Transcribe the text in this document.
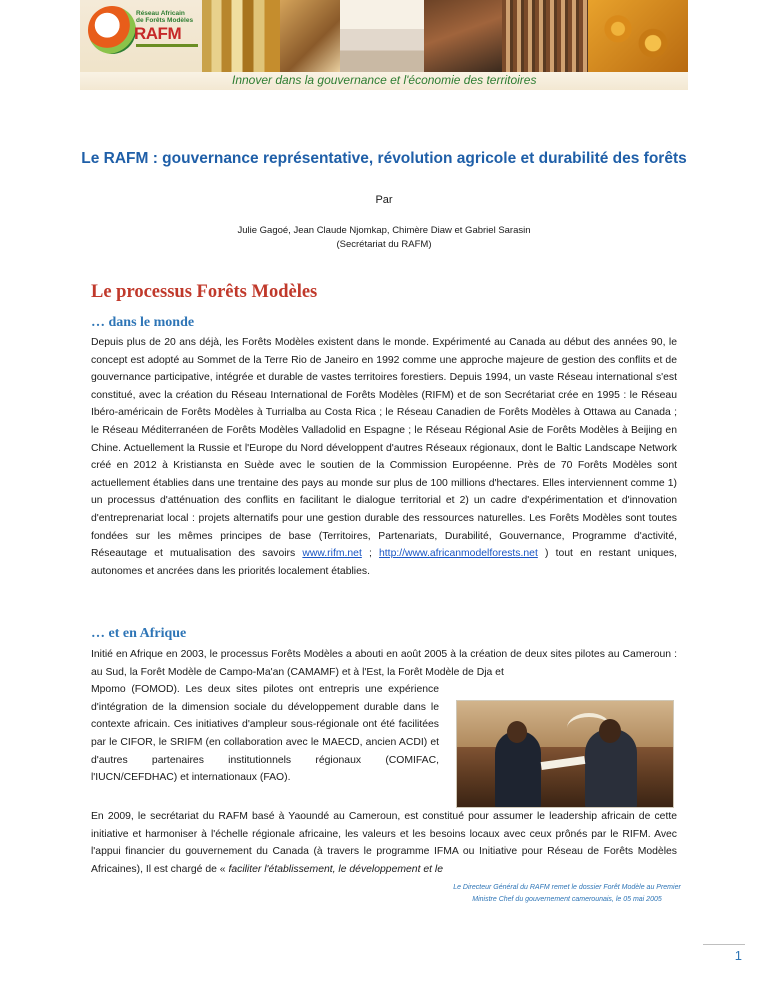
Réseau Africain
de Forêts Modèles
RAFM
Innover dans la gouvernance et l'économie des territoires
Le RAFM : gouvernance représentative, révolution agricole et durabilité des forêts
Par
Julie Gagoé, Jean Claude Njomkap, Chimère Diaw et Gabriel Sarasin
(Secrétariat du RAFM)
Le processus Forêts Modèles
… dans le monde

Depuis plus de 20 ans déjà, les Forêts Modèles existent dans le monde. Expérimenté au Canada au début des années 90, le concept est adopté au Sommet de la Terre Rio de Janeiro en 1992 comme une approche majeure de gestion des conflits et de gouvernance participative, intégrée et durable de vastes territoires forestiers. Depuis 1994, un vaste Réseau international s'est constitué, avec la création du Réseau International de Forêts Modèles (RIFM) et de son Secrétariat crée en 1995 : le Réseau Ibéro-américain de Forêts Modèles à Turrialba au Costa Rica ; le Réseau Canadien de Forêts Modèles à Ottawa au Canada ; le Réseau Méditerranéen de Forêts Modèles Valladolid en Espagne ; le Réseau Régional Asie de Forêts Modèles à Beijing en Chine. Actuellement la Russie et l'Europe du Nord développent d'autres Réseaux régionaux, dont le Baltic Landscape Network créé en 2012 à Kristiansta en Suède avec le soutien de la Commission Européenne. Près de 70 Forêts Modèles sont actuellement établies dans une trentaine des pays au monde sur plus de 100 millions d'hectares. Elles interviennent comme 1) un processus d'atténuation des conflits en facilitant le dialogue territorial et 2) un cadre d'expérimentation et d'innovation d'entreprenariat local : projets alternatifs pour une gestion durable des ressources naturelles. Les Forêts Modèles sont toutes fondées sur les mêmes principes de base (Territoires, Partenariats, Durabilité, Gouvernance, Programme d'activité, Réseautage et mutualisation des savoirs www.rifm.net ; http://www.africanmodelforests.net ) tout en restant uniques, autonomes et ancrées dans les priorités localement établies.

… et en Afrique

Initié en Afrique en 2003, le processus Forêts Modèles a abouti en août 2005 à la création de deux sites pilotes au Cameroun : au Sud, la Forêt Modèle de Campo-Ma'an (CAMAMF) et à l'Est, la Forêt Modèle de Dja et
Mpomo (FOMOD). Les deux sites pilotes ont entrepris une expérience d'intégration de la dimension sociale du développement durable dans le contexte africain. Ces initiatives d'ampleur sous-régionale ont été facilitées par le CIFOR, le SRIFM (en collaboration avec le MAECD, ancien ACDI) et d'autres partenaires institutionnels régionaux (COMIFAC, l'IUCN/CEFDHAC) et internationaux (FAO).

En 2009, le secrétariat du RAFM basé à Yaoundé au Cameroun, est constitué pour assumer le leadership africain de cette initiative et harmoniser à l'échelle régionale africaine, les valeurs et les besoins locaux avec ceux prônés par le RIFM. Avec l'appui financier du gouvernement du Canada (à travers le programme IFMA ou Initiative pour Réseau de Forêts Modèles Africaines), Il est chargé de « faciliter l'établissement, le développement et le

Le Directeur Général du RAFM remet le dossier Forêt Modèle au Premier Ministre Chef du gouvernement camerounais, le 05 mai 2005

1
